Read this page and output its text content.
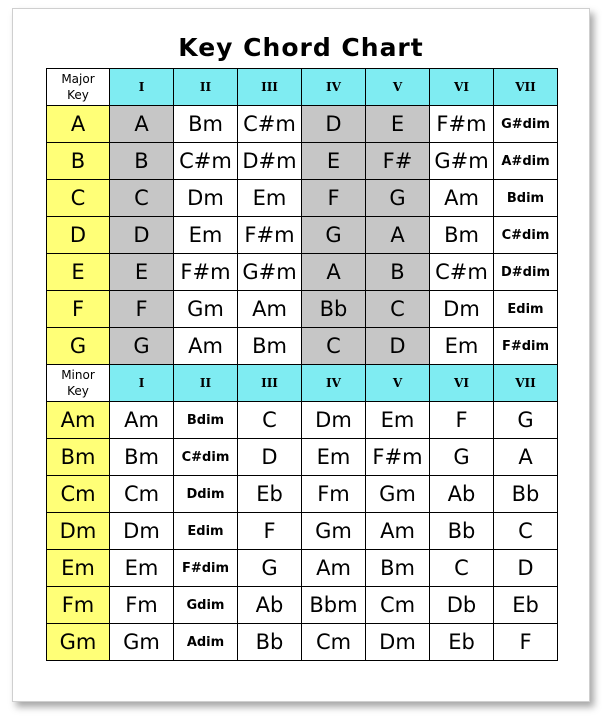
Key Chord Chart
Major
Key	I	II	III	IV	V	VI	VII
A	A	Bm	C#m	D	E	F#m	G#dim
B	B	C#m	D#m	E	F#	G#m	A#dim
C	C	Dm	Em	F	G	Am	Bdim
D	D	Em	F#m	G	A	Bm	C#dim
E	E	F#m	G#m	A	B	C#m	D#dim
F	F	Gm	Am	Bb	C	Dm	Edim
G	G	Am	Bm	C	D	Em	F#dim

Minor
Key	I	II	III	IV	V	VI	VII
Am	Am	Bdim	C	Dm	Em	F	G
Bm	Bm	C#dim	D	Em	F#m	G	A
Cm	Cm	Ddim	Eb	Fm	Gm	Ab	Bb
Dm	Dm	Edim	F	Gm	Am	Bb	C
Em	Em	F#dim	G	Am	Bm	C	D
Fm	Fm	Gdim	Ab	Bbm	Cm	Db	Eb
Gm	Gm	Adim	Bb	Cm	Dm	Eb	F
